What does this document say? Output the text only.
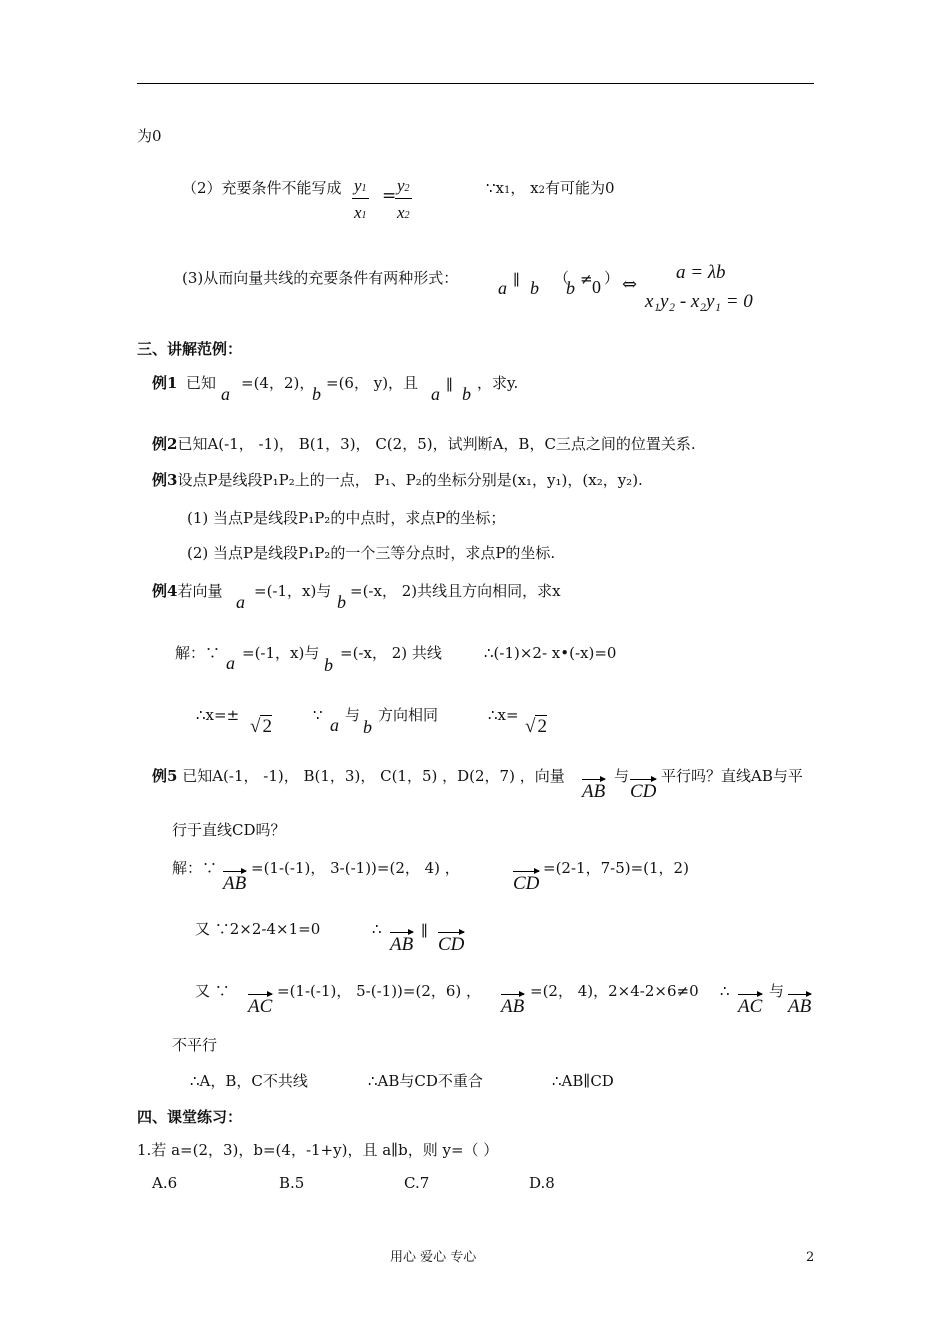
为0
（2）充要条件不能写成 $\frac{y1}{x1}$ =
$\frac{y2}{x2}$	∵x1， x2有可能为0
(3)从而向量共线的充要条件有两种形式： a ∥ b （
b ≠ 0 ） ⇔
a = λb
x₁y₂ - x₂y₁ = 0
三、讲解范例：
例1 已知
a
=(4，2)，
b
=(6， y)，且
a ∥ b
，求y.
例2已知A(-1， -1)， B(1，3)， C(2，5)，试判断A，B，C三点之间的位置关系.
例3设点P是线段P₁P₂上的一点， P₁、P₂的坐标分别是(x₁，y₁)，(x₂，y₂).
(1) 当点P是线段P₁P₂的中点时，求点P的坐标；
(2) 当点P是线段P₁P₂的一个三等分点时，求点P的坐标.
例4若向量
a
=(-1，x)与
b
=(-x， 2)共线且方向相同，求x
解：∵ a =(-1，x)与
b
=(-x， 2) 共线	∴(-1)×2- x•(-x)=0
∴x=±
√ 2
∵ a 与
b
方向相同	∴x=
√ 2
例5 已知A(-1， -1)， B(1，3)， C(1，5) ，D(2，7) ，向量
AB
与
CD
平行吗？直线AB与平
行于直线CD吗？
解：∵
AB
=(1-(-1)， 3-(-1))=(2， 4) ，
CD
=(2-1，7-5)=(1，2)
又 ∵2×2-4×1=0	∴
AB
∥
CD
又 ∵
AC
=(1-(-1)， 5-(-1))=(2，6) ，
AB
=(2， 4)，2×4-2×6≠0 ∴
AC
与
AB
不平行
∴A，B，C不共线	∴AB与CD不重合	∴AB∥CD
四、课堂练习：
1.若 a=(2，3)，b=(4，-1+y)，且 a∥b，则 y=（ ）
A.6	B.5	C.7	D.8
用心 爱心 专心	2
